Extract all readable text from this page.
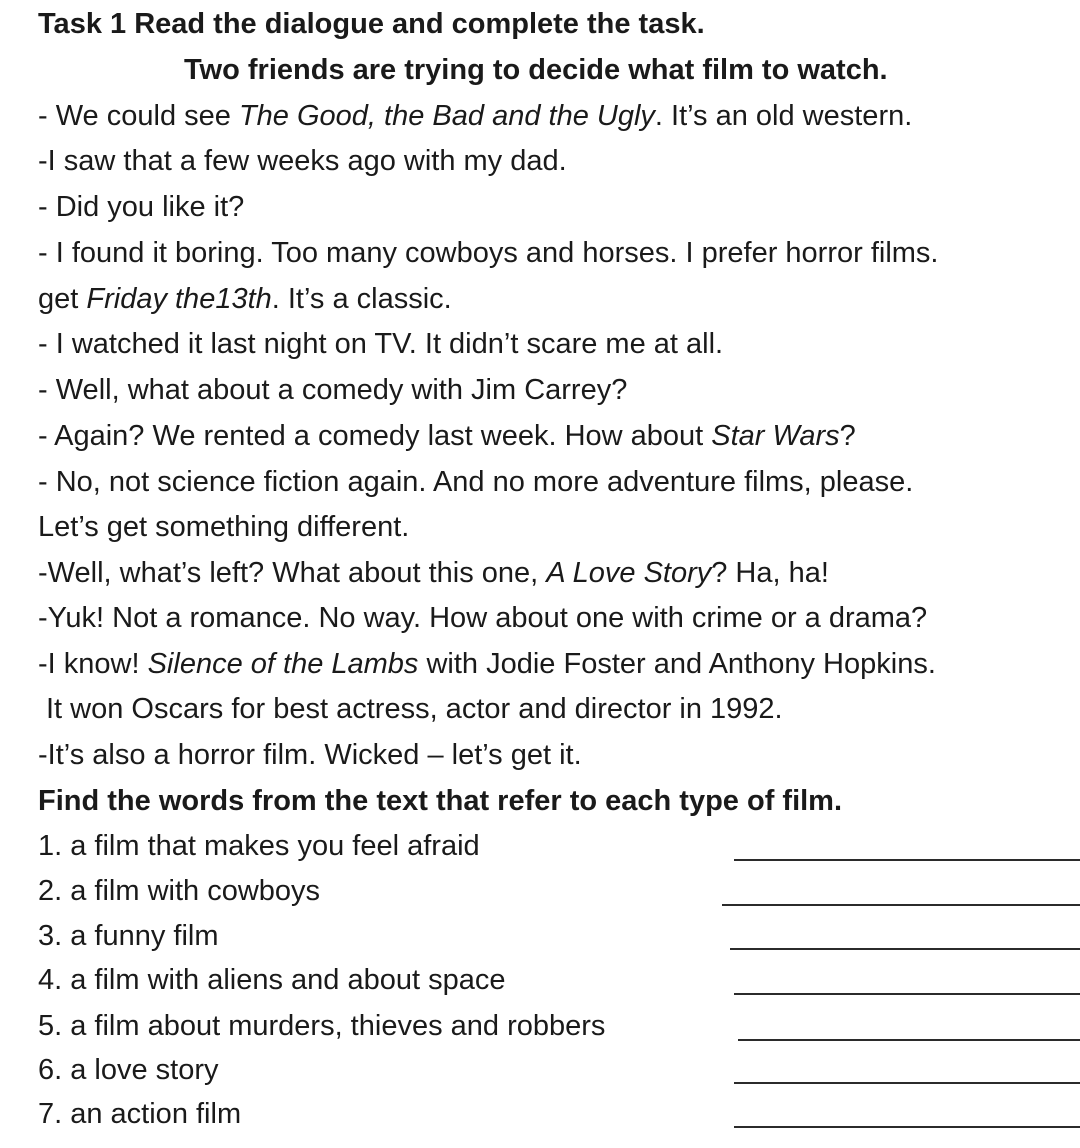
Task 1 Read the dialogue and complete the task.
Two friends are trying to decide what film to watch.
- We could see The Good, the Bad and the Ugly. It’s an old western.
-I saw that a few weeks ago with my dad.
- Did you like it?
- I found it boring. Too many cowboys and horses. I prefer horror films.
get Friday the13th. It’s a classic.
- I watched it last night on TV. It didn’t scare me at all.
- Well, what about a comedy with Jim Carrey?
- Again? We rented a comedy last week. How about Star Wars?
- No, not science fiction again. And no more adventure films, please.
Let’s get something different.
-Well, what’s left? What about this one, A Love Story? Ha, ha!
-Yuk! Not a romance. No way. How about one with crime or a drama?
-I know! Silence of the Lambs with Jodie Foster and Anthony Hopkins.
It won Oscars for best actress, actor and director in 1992.
-It’s also a horror film. Wicked – let’s get it.
Find the words from the text that refer to each type of film.
1. a film that makes you feel afraid
2. a film with cowboys
3. a funny film
4. a film with aliens and about space
5. a film about murders, thieves and robbers
6. a love story
7. an action film
